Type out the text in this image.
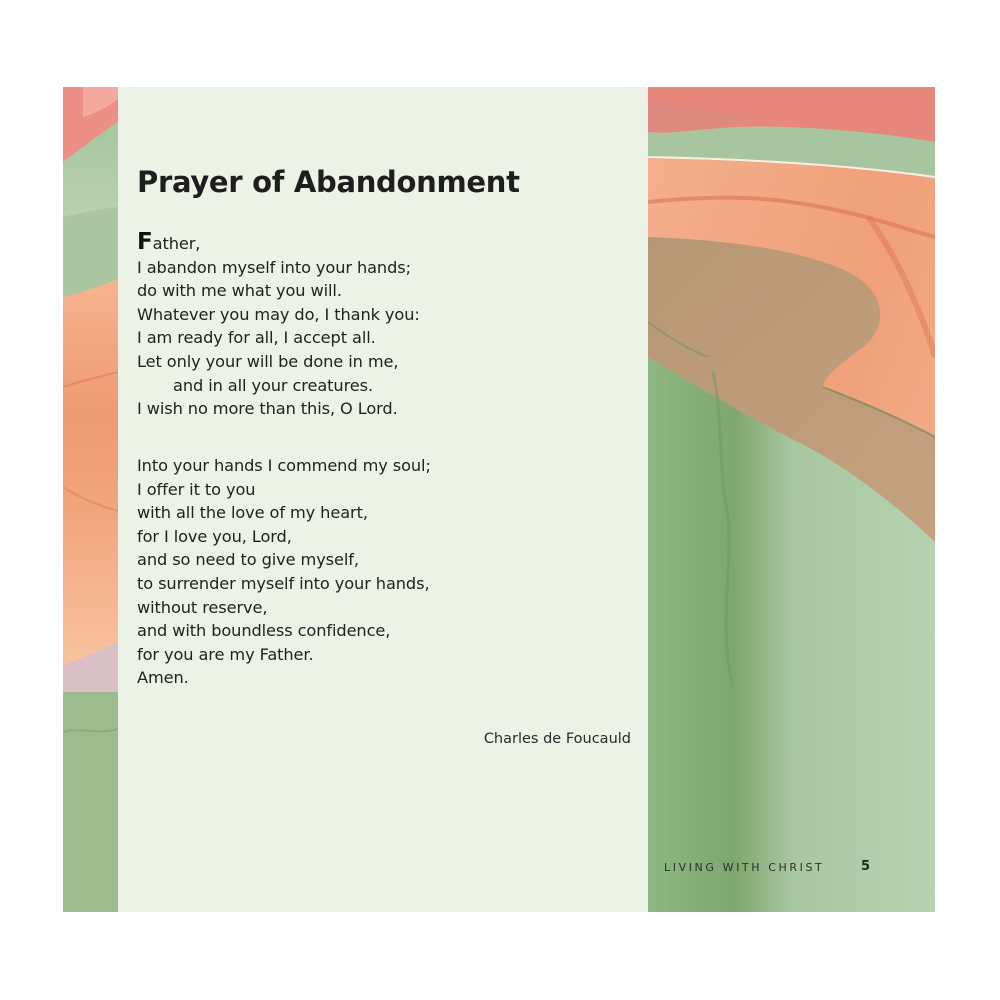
Prayer of Abandonment

Father,
I abandon myself into your hands;
do with me what you will.
Whatever you may do, I thank you:
I am ready for all, I accept all.
Let only your will be done in me,
and in all your creatures.
I wish no more than this, O Lord.

Into your hands I commend my soul;
I offer it to you
with all the love of my heart,
for I love you, Lord,
and so need to give myself,
to surrender myself into your hands,
without reserve,
and with boundless confidence,
for you are my Father.
Amen.

Charles de Foucauld

LIVING WITH CHRIST	5
